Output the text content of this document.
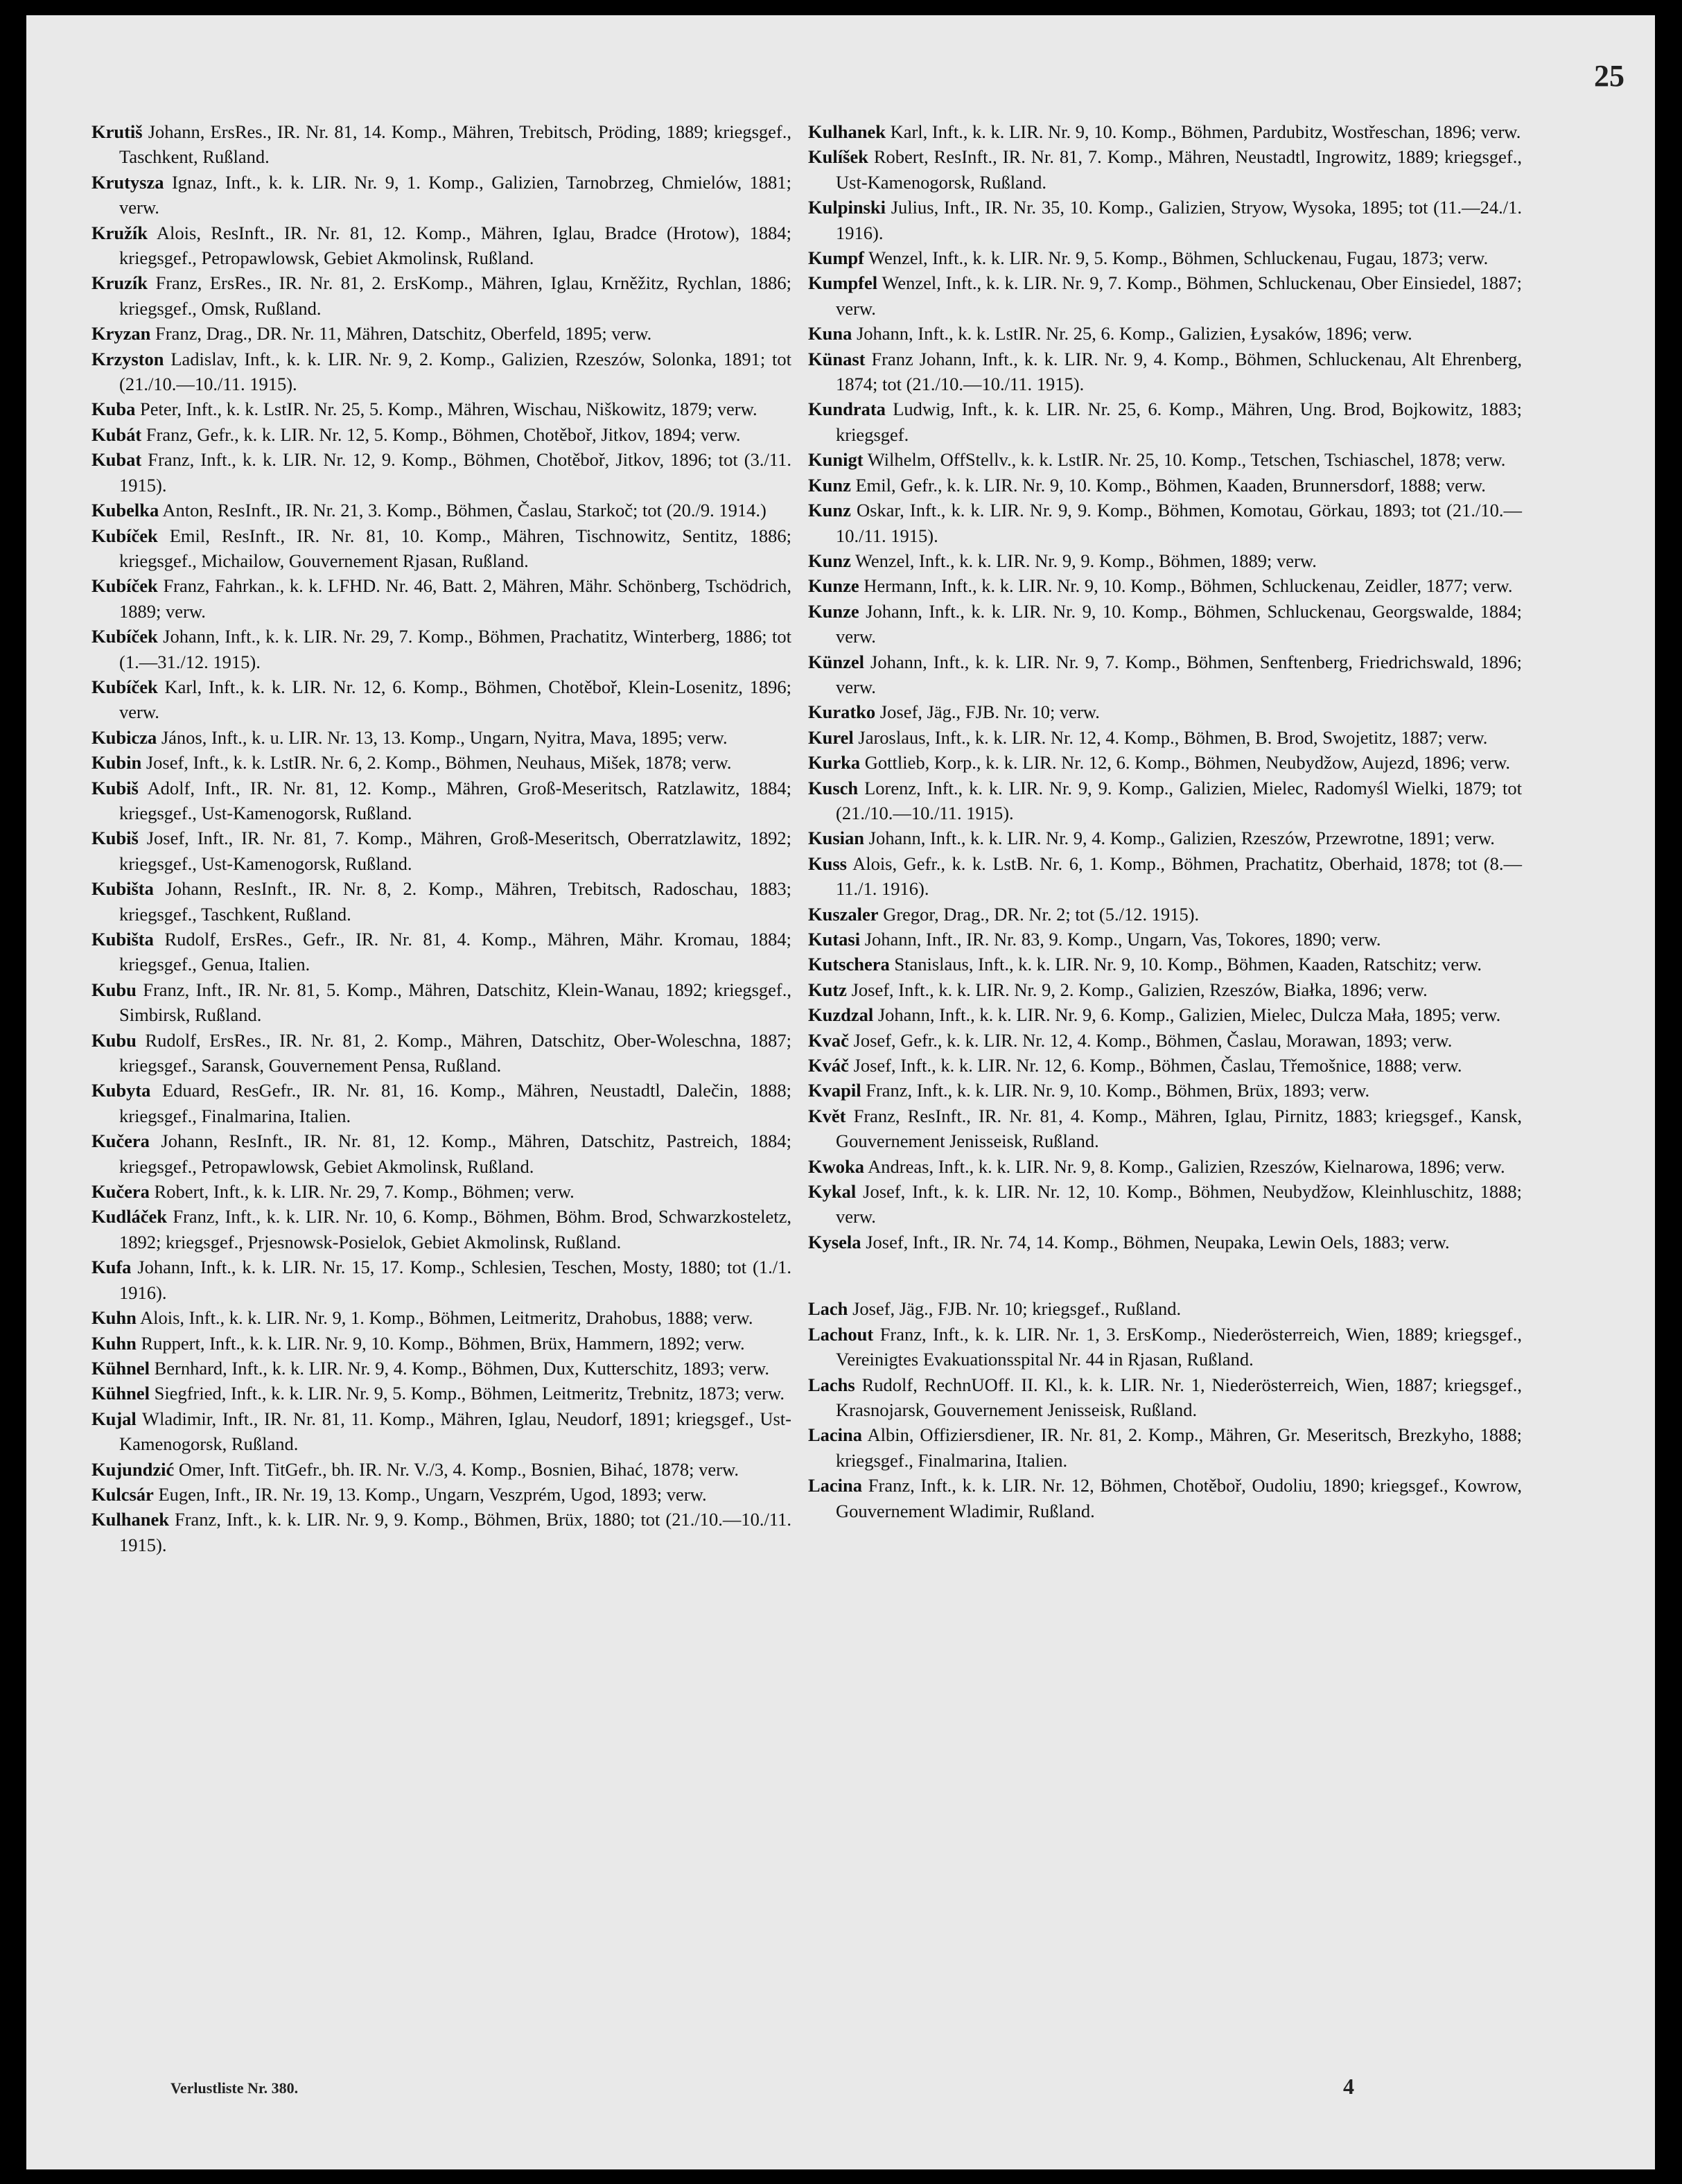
25

Krutiš Johann, ErsRes., IR. Nr. 81, 14. Komp., Mähren, Trebitsch, Pröding, 1889; kriegsgef., Taschkent, Rußland.

Krutysza Ignaz, Inft., k. k. LIR. Nr. 9, 1. Komp., Galizien, Tarnobrzeg, Chmielów, 1881; verw.

Kružík Alois, ResInft., IR. Nr. 81, 12. Komp., Mähren, Iglau, Bradce (Hrotow), 1884; kriegsgef., Petropawlowsk, Gebiet Akmolinsk, Rußland.

Kruzík Franz, ErsRes., IR. Nr. 81, 2. ErsKomp., Mähren, Iglau, Krněžitz, Rychlan, 1886; kriegsgef., Omsk, Rußland.

Kryzan Franz, Drag., DR. Nr. 11, Mähren, Datschitz, Oberfeld, 1895; verw.

Krzyston Ladislav, Inft., k. k. LIR. Nr. 9, 2. Komp., Galizien, Rzeszów, Solonka, 1891; tot (21./10.—10./11. 1915).

Kuba Peter, Inft., k. k. LstIR. Nr. 25, 5. Komp., Mähren, Wischau, Niškowitz, 1879; verw.

Kubát Franz, Gefr., k. k. LIR. Nr. 12, 5. Komp., Böhmen, Chotěboř, Jitkov, 1894; verw.

Kubat Franz, Inft., k. k. LIR. Nr. 12, 9. Komp., Böhmen, Chotěboř, Jitkov, 1896; tot (3./11. 1915).

Kubelka Anton, ResInft., IR. Nr. 21, 3. Komp., Böhmen, Časlau, Starkoč; tot (20./9. 1914.)

Kubíček Emil, ResInft., IR. Nr. 81, 10. Komp., Mähren, Tischnowitz, Sentitz, 1886; kriegsgef., Michailow, Gouvernement Rjasan, Rußland.

Kubíček Franz, Fahrkan., k. k. LFHD. Nr. 46, Batt. 2, Mähren, Mähr. Schönberg, Tschödrich, 1889; verw.

Kubíček Johann, Inft., k. k. LIR. Nr. 29, 7. Komp., Böhmen, Prachatitz, Winterberg, 1886; tot (1.—31./12. 1915).

Kubíček Karl, Inft., k. k. LIR. Nr. 12, 6. Komp., Böhmen, Chotěboř, Klein-Losenitz, 1896; verw.

Kubicza János, Inft., k. u. LIR. Nr. 13, 13. Komp., Ungarn, Nyitra, Mava, 1895; verw.

Kubin Josef, Inft., k. k. LstIR. Nr. 6, 2. Komp., Böhmen, Neuhaus, Mišek, 1878; verw.

Kubiš Adolf, Inft., IR. Nr. 81, 12. Komp., Mähren, Groß-Meseritsch, Ratzlawitz, 1884; kriegsgef., Ust-Kamenogorsk, Rußland.

Kubiš Josef, Inft., IR. Nr. 81, 7. Komp., Mähren, Groß-Meseritsch, Oberratzlawitz, 1892; kriegsgef., Ust-Kamenogorsk, Rußland.

Kubišta Johann, ResInft., IR. Nr. 8, 2. Komp., Mähren, Trebitsch, Radoschau, 1883; kriegsgef., Taschkent, Rußland.

Kubišta Rudolf, ErsRes., Gefr., IR. Nr. 81, 4. Komp., Mähren, Mähr. Kromau, 1884; kriegsgef., Genua, Italien.

Kubu Franz, Inft., IR. Nr. 81, 5. Komp., Mähren, Datschitz, Klein-Wanau, 1892; kriegsgef., Simbirsk, Rußland.

Kubu Rudolf, ErsRes., IR. Nr. 81, 2. Komp., Mähren, Datschitz, Ober-Woleschna, 1887; kriegsgef., Saransk, Gouvernement Pensa, Rußland.

Kubyta Eduard, ResGefr., IR. Nr. 81, 16. Komp., Mähren, Neustadtl, Dalečin, 1888; kriegsgef., Finalmarina, Italien.

Kučera Johann, ResInft., IR. Nr. 81, 12. Komp., Mähren, Datschitz, Pastreich, 1884; kriegsgef., Petropawlowsk, Gebiet Akmolinsk, Rußland.

Kučera Robert, Inft., k. k. LIR. Nr. 29, 7. Komp., Böhmen; verw.

Kudláček Franz, Inft., k. k. LIR. Nr. 10, 6. Komp., Böhmen, Böhm. Brod, Schwarzkosteletz, 1892; kriegsgef., Prjesnowsk-Posielok, Gebiet Akmolinsk, Rußland.

Kufa Johann, Inft., k. k. LIR. Nr. 15, 17. Komp., Schlesien, Teschen, Mosty, 1880; tot (1./1. 1916).

Kuhn Alois, Inft., k. k. LIR. Nr. 9, 1. Komp., Böhmen, Leitmeritz, Drahobus, 1888; verw.

Kuhn Ruppert, Inft., k. k. LIR. Nr. 9, 10. Komp., Böhmen, Brüx, Hammern, 1892; verw.

Kühnel Bernhard, Inft., k. k. LIR. Nr. 9, 4. Komp., Böhmen, Dux, Kutterschitz, 1893; verw.

Kühnel Siegfried, Inft., k. k. LIR. Nr. 9, 5. Komp., Böhmen, Leitmeritz, Trebnitz, 1873; verw.

Kujal Wladimir, Inft., IR. Nr. 81, 11. Komp., Mähren, Iglau, Neudorf, 1891; kriegsgef., Ust-Kamenogorsk, Rußland.

Kujundzić Omer, Inft. TitGefr., bh. IR. Nr. V./3, 4. Komp., Bosnien, Bihać, 1878; verw.

Kulcsár Eugen, Inft., IR. Nr. 19, 13. Komp., Ungarn, Veszprém, Ugod, 1893; verw.

Kulhanek Franz, Inft., k. k. LIR. Nr. 9, 9. Komp., Böhmen, Brüx, 1880; tot (21./10.—10./11. 1915).

Kulhanek Karl, Inft., k. k. LIR. Nr. 9, 10. Komp., Böhmen, Pardubitz, Wostřeschan, 1896; verw.

Kulíšek Robert, ResInft., IR. Nr. 81, 7. Komp., Mähren, Neustadtl, Ingrowitz, 1889; kriegsgef., Ust-Kamenogorsk, Rußland.

Kulpinski Julius, Inft., IR. Nr. 35, 10. Komp., Galizien, Stryow, Wysoka, 1895; tot (11.—24./1. 1916).

Kumpf Wenzel, Inft., k. k. LIR. Nr. 9, 5. Komp., Böhmen, Schluckenau, Fugau, 1873; verw.

Kumpfel Wenzel, Inft., k. k. LIR. Nr. 9, 7. Komp., Böhmen, Schluckenau, Ober Einsiedel, 1887; verw.

Kuna Johann, Inft., k. k. LstIR. Nr. 25, 6. Komp., Galizien, Łysaków, 1896; verw.

Künast Franz Johann, Inft., k. k. LIR. Nr. 9, 4. Komp., Böhmen, Schluckenau, Alt Ehrenberg, 1874; tot (21./10.—10./11. 1915).

Kundrata Ludwig, Inft., k. k. LIR. Nr. 25, 6. Komp., Mähren, Ung. Brod, Bojkowitz, 1883; kriegsgef.

Kunigt Wilhelm, OffStellv., k. k. LstIR. Nr. 25, 10. Komp., Tetschen, Tschiaschel, 1878; verw.

Kunz Emil, Gefr., k. k. LIR. Nr. 9, 10. Komp., Böhmen, Kaaden, Brunnersdorf, 1888; verw.

Kunz Oskar, Inft., k. k. LIR. Nr. 9, 9. Komp., Böhmen, Komotau, Görkau, 1893; tot (21./10.—10./11. 1915).

Kunz Wenzel, Inft., k. k. LIR. Nr. 9, 9. Komp., Böhmen, 1889; verw.

Kunze Hermann, Inft., k. k. LIR. Nr. 9, 10. Komp., Böhmen, Schluckenau, Zeidler, 1877; verw.

Kunze Johann, Inft., k. k. LIR. Nr. 9, 10. Komp., Böhmen, Schluckenau, Georgswalde, 1884; verw.

Künzel Johann, Inft., k. k. LIR. Nr. 9, 7. Komp., Böhmen, Senftenberg, Friedrichswald, 1896; verw.

Kuratko Josef, Jäg., FJB. Nr. 10; verw.

Kurel Jaroslaus, Inft., k. k. LIR. Nr. 12, 4. Komp., Böhmen, B. Brod, Swojetitz, 1887; verw.

Kurka Gottlieb, Korp., k. k. LIR. Nr. 12, 6. Komp., Böhmen, Neubydžow, Aujezd, 1896; verw.

Kusch Lorenz, Inft., k. k. LIR. Nr. 9, 9. Komp., Galizien, Mielec, Radomyśl Wielki, 1879; tot (21./10.—10./11. 1915).

Kusian Johann, Inft., k. k. LIR. Nr. 9, 4. Komp., Galizien, Rzeszów, Przewrotne, 1891; verw.

Kuss Alois, Gefr., k. k. LstB. Nr. 6, 1. Komp., Böhmen, Prachatitz, Oberhaid, 1878; tot (8.—11./1. 1916).

Kuszaler Gregor, Drag., DR. Nr. 2; tot (5./12. 1915).

Kutasi Johann, Inft., IR. Nr. 83, 9. Komp., Ungarn, Vas, Tokores, 1890; verw.

Kutschera Stanislaus, Inft., k. k. LIR. Nr. 9, 10. Komp., Böhmen, Kaaden, Ratschitz; verw.

Kutz Josef, Inft., k. k. LIR. Nr. 9, 2. Komp., Galizien, Rzeszów, Białka, 1896; verw.

Kuzdzal Johann, Inft., k. k. LIR. Nr. 9, 6. Komp., Galizien, Mielec, Dulcza Mała, 1895; verw.

Kvač Josef, Gefr., k. k. LIR. Nr. 12, 4. Komp., Böhmen, Časlau, Morawan, 1893; verw.

Kváč Josef, Inft., k. k. LIR. Nr. 12, 6. Komp., Böhmen, Časlau, Třemošnice, 1888; verw.

Kvapil Franz, Inft., k. k. LIR. Nr. 9, 10. Komp., Böhmen, Brüx, 1893; verw.

Květ Franz, ResInft., IR. Nr. 81, 4. Komp., Mähren, Iglau, Pirnitz, 1883; kriegsgef., Kansk, Gouvernement Jenisseisk, Rußland.

Kwoka Andreas, Inft., k. k. LIR. Nr. 9, 8. Komp., Galizien, Rzeszów, Kielnarowa, 1896; verw.

Kykal Josef, Inft., k. k. LIR. Nr. 12, 10. Komp., Böhmen, Neubydžow, Kleinhluschitz, 1888; verw.

Kysela Josef, Inft., IR. Nr. 74, 14. Komp., Böhmen, Neupaka, Lewin Oels, 1883; verw.

Lach Josef, Jäg., FJB. Nr. 10; kriegsgef., Rußland.

Lachout Franz, Inft., k. k. LIR. Nr. 1, 3. ErsKomp., Niederösterreich, Wien, 1889; kriegsgef., Vereinigtes Evakuationsspital Nr. 44 in Rjasan, Rußland.

Lachs Rudolf, RechnUOff. II. Kl., k. k. LIR. Nr. 1, Niederösterreich, Wien, 1887; kriegsgef., Krasnojarsk, Gouvernement Jenisseisk, Rußland.

Lacina Albin, Offiziersdiener, IR. Nr. 81, 2. Komp., Mähren, Gr. Meseritsch, Brezkyho, 1888; kriegsgef., Finalmarina, Italien.

Lacina Franz, Inft., k. k. LIR. Nr. 12, Böhmen, Chotěboř, Oudoliu, 1890; kriegsgef., Kowrow, Gouvernement Wladimir, Rußland.

Verlustliste Nr. 380.	4
